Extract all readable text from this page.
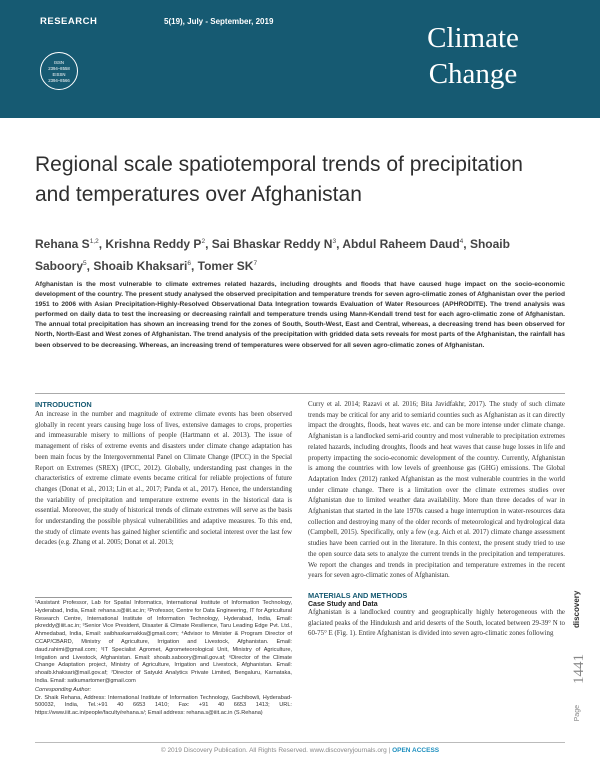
RESEARCH	5(19), July - September, 2019
ISSN
2394–8558
EISSN
2394–8566
Climate
Change
Regional scale spatiotemporal trends of precipitation and temperatures over Afghanistan
Rehana S$^{1,2}$, Krishna Reddy $P^2$, Sai Bhaskar Reddy $N^3$, Abdul Raheem Daud$^4$, Shoaib Saboory$^5$, Shoaib Khaksari$^6$, Tomer $SK^7$

Afghanistan is the most vulnerable to climate extremes related hazards, including droughts and floods that have caused huge impact on the socio-economic development of the country. The present study analysed the observed precipitation and temperature trends for seven agro-climatic zones of Afghanistan over the period 1951 to 2006 with Asian Precipitation-Highly-Resolved Observational Data Integration towards Evaluation of Water Resources (APHRODITE). The trend analysis was performed on daily data to test the increasing or decreasing rainfall and temperature trends using Mann-Kendall trend test for each agro-climatic zone of Afghanistan. The annual total precipitation has shown an increasing trend for the zones of South, South-West, East and Central, whereas, a decreasing trend has been observed for North, North-East and West zones of Afghanistan. The trend analysis of the precipitation with gridded data sets reveals for most parts of the Afghanistan, the rainfall has been observed to be decreasing. Whereas, an increasing trend of temperatures were observed for all seven agro-climatic zones of Afghanistan.

INTRODUCTION

An increase in the number and magnitude of extreme climate events has been observed globally in recent years causing huge loss of lives, extensive damages to crops, properties and immeasurable misery to millions of people (Hartmann et al. 2013). The issue of management of risks of extreme events and disasters under climate change adaptation has been main focus by the Intergovernmental Panel on Climate Change (IPCC) in the Special Report on Extremes (SREX) (IPCC, 2012). Globally, understanding past changes in the characteristics of extreme climate events became critical for reliable projections of future changes (Donat et al., 2013; Lin et al., 2017; Panda et al., 2017). Hence, the understanding the variability of precipitation and temperature extreme events in the historical data is essential. Moreover, the study of historical trends of climate extremes will serve as the basis for understanding the possible physical vulnerabilities and adaptive measures. To this end, the study of climate events has gained higher scientific and societal interest over the last few decades (e.g. Zhang et al. 2005; Donat et al. 2013;

¹Assistant Professor, Lab for Spatial Informatics, International Institute of Information Technology, Hyderabad, India, Email: rehana.s@iiit.ac.in; ²Professor, Centre for Data Engineering, IT for Agricultural Research Centre, International Institute of Information Technology, Hyderabad, India, Email: pkreddy@iiit.ac.in; ³Senior Vice President, Disaster & Climate Resilience, Taru Leading Edge Pvt. Ltd., Ahmedabad, India, Email: saibhaskarnakka@gmail.com; ⁴Advisor to Minister & Program Director of CCAP/CBARD, Ministry of Agriculture, Irrigation and Livestock, Afghanistan. Email: daud.rahimi@gmail.com; ⁵IT Specialist Agromet, Agrometeorological Unit, Ministry of Agriculture, Irrigation and Livestock, Afghanistan. Email: shoaib.saboory@mail.gov.af; ⁶Director of the Climate Change Adaptation project, Ministry of Agriculture, Irrigation and Livestock, Afghanistan. Email: shoaib.khaksari@mail.gov.af; ⁷Director of Satyukt Analytics Private Limited, Bengaluru, Karnataka, India. Email: satkumartomer@gmail.com

Corresponding Author:

Dr. Shaik Rehana, Address: International Institute of Information Technology, Gachibowli, Hyderabad- 500032, India, Tel.:+91 40 6653 1410; Fax: +91 40 6653 1413; URL: https://www.iiit.ac.in/people/faculty/rehana.s/; Email address: rehana.s@iiit.ac.in (S.Rehana)

Curry et al. 2014; Razavi et al. 2016; Bita Javidfakhr, 2017). The study of such climate trends may be critical for any arid to semiarid counties such as Afghanistan as it can directly impact the droughts, floods, heat waves etc. and can be more intense under climate change. Afghanistan is a landlocked semi-arid country and most vulnerable to precipitation extremes related hazards, including droughts, floods and heat waves that cause huge losses in life and property impacting the socio-economic development of the country. Currently, Afghanistan is among the countries with low levels of greenhouse gas (GHG) emissions. The Global Adaptation Index (2012) ranked Afghanistan as the most vulnerable countries in the world under climate change. There is a limitation over the climate extremes studies over Afghanistan due to limited weather data availability. More than three decades of war in Afghanistan that started in the late 1970s caused a huge interruption in water-resources data collection and destroying many of the older records of meteorological and hydrological data (Campbell, 2015). Specifically, only a few (e.g. Aich et al. 2017) climate change assessment studies have been carried out in the literature. In this context, the present study tried to use the open source data sets to analyze the current trends in the precipitation and temperatures. We report the changes and trends in precipitation and temperature extremes in the recent years for seven agro-climatic zones of Afghanistan.

MATERIALS AND METHODS
Case Study and Data

Afghanistan is a landlocked country and geographically highly heterogeneous with the glaciated peaks of the Hindukush and arid deserts of the South, located between 29-39° N to 60-75° E (Fig. 1). Entire Afghanistan is divided into seven agro-climatic zones following

discovery
1441
Page
© 2019 Discovery Publication. All Rights Reserved. www.discoveryjournals.org | OPEN ACCESS
